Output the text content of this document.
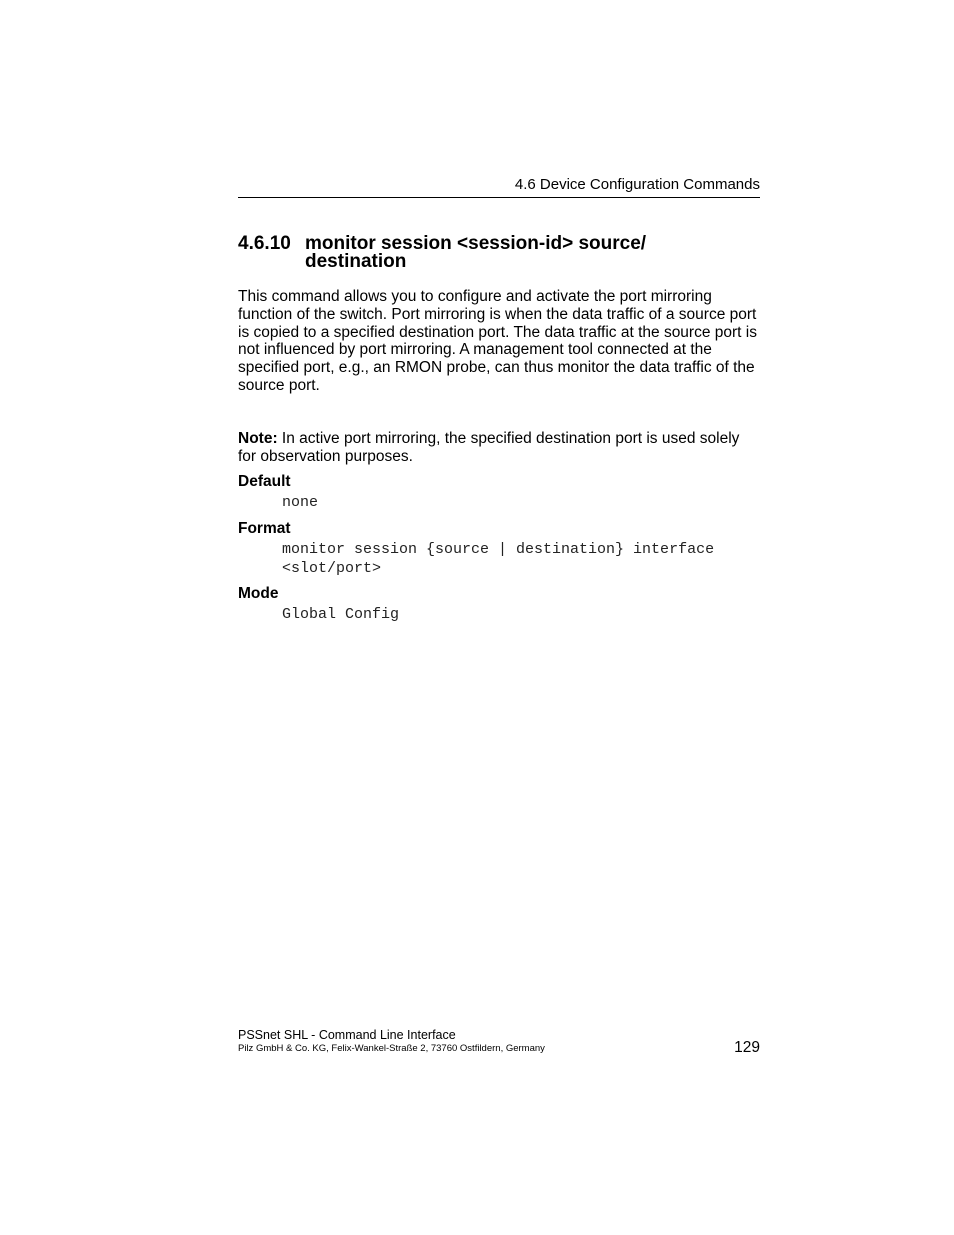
4.6 Device Configuration Commands
4.6.10 monitor session <session-id> source/ destination
This command allows you to configure and activate the port mirroring function of the switch. Port mirroring is when the data traffic of a source port is copied to a specified destination port. The data traffic at the source port is not influenced by port mirroring. A management tool connected at the specified port, e.g., an RMON probe, can thus monitor the data traffic of the source port.
Note: In active port mirroring, the specified destination port is used solely for observation purposes.
Default
none
Format
monitor session {source | destination} interface
<slot/port>
Mode
Global Config
PSSnet SHL - Command Line Interface
Pilz GmbH & Co. KG, Felix-Wankel-Straße 2, 73760 Ostfildern, Germany	129
